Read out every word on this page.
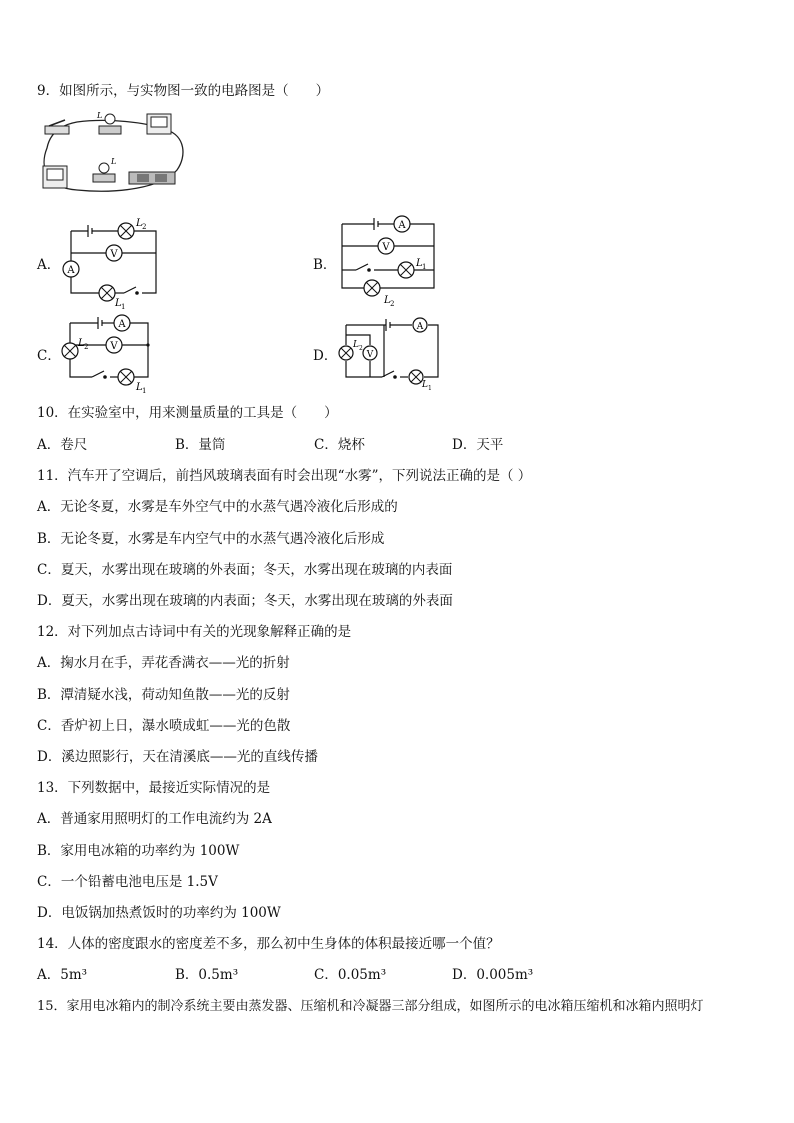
9．如图所示，与实物图一致的电路图是（　　）
L
L
A．
V
A
L 2
L 1
B．
A
V
L 1
L 2
C．
A
V
L 2
L 1
D．
A
V
L 2
L 1
10．在实验室中，用来测量质量的工具是（　　）
A．卷尺	B．量筒	C．烧杯	D．天平
11．汽车开了空调后，前挡风玻璃表面有时会出现“水雾”，下列说法正确的是（ ）
A．无论冬夏，水雾是车外空气中的水蒸气遇冷液化后形成的
B．无论冬夏，水雾是车内空气中的水蒸气遇冷液化后形成
C．夏天，水雾出现在玻璃的外表面；冬天，水雾出现在玻璃的内表面
D．夏天，水雾出现在玻璃的内表面；冬天，水雾出现在玻璃的外表面
12．对下列加点古诗词中有关的光现象解释正确的是
A．掬水月在手，弄花香满衣——光的折射
B．潭清疑水浅，荷动知鱼散——光的反射
C．香炉初上日，瀑水喷成虹——光的色散
D．溪边照影行，天在清溪底——光的直线传播
13．下列数据中，最接近实际情况的是
A．普通家用照明灯的工作电流约为 2A
B．家用电冰箱的功率约为 100W
C．一个铅蓄电池电压是 1.5V
D．电饭锅加热煮饭时的功率约为 100W
14．人体的密度跟水的密度差不多，那么初中生身体的体积最接近哪一个值？
A．5m³	B．0.5m³	C．0.05m³	D．0.005m³
15．家用电冰箱内的制冷系统主要由蒸发器、压缩机和冷凝器三部分组成，如图所示的电冰箱压缩机和冰箱内照明灯
